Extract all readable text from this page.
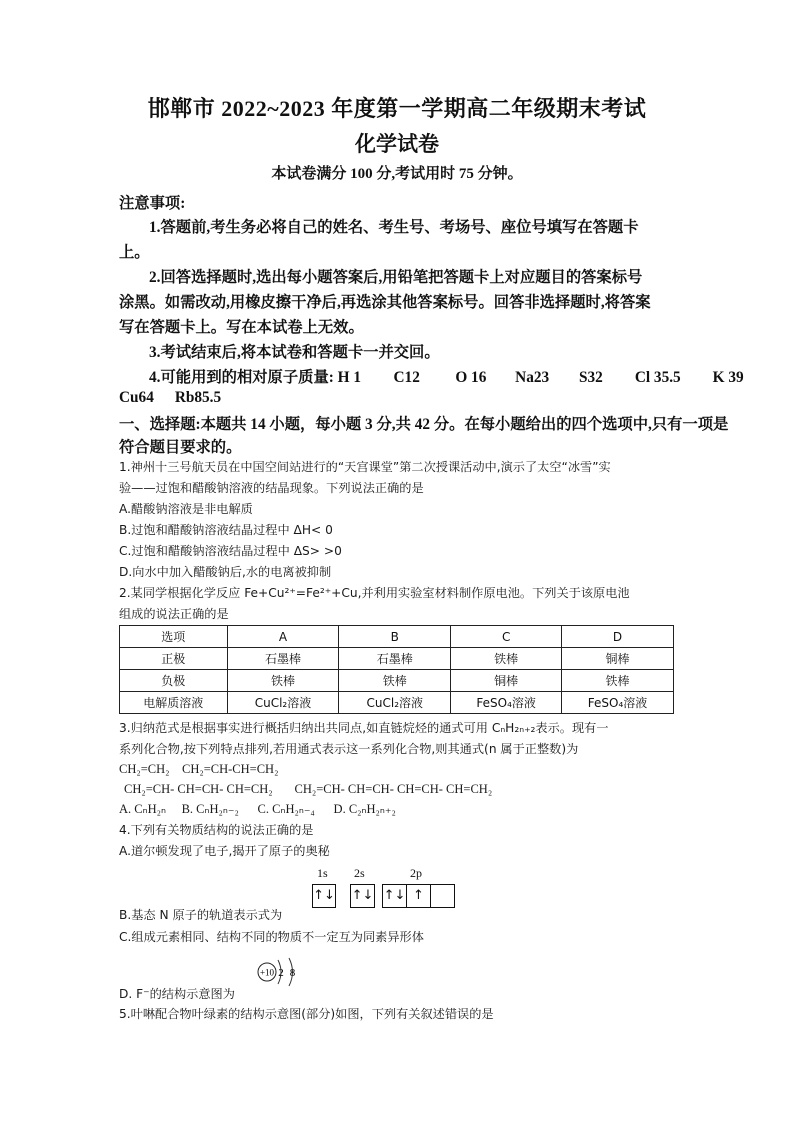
邯郸市 2022~2023 年度第一学期高二年级期末考试
化学试卷
本试卷满分 100 分,考试用时 75 分钟。
注意事项:
1.答题前,考生务必将自己的姓名、考生号、考场号、座位号填写在答题卡
上。
2.回答选择题时,选出每小题答案后,用铅笔把答题卡上对应题目的答案标号
涂黑。如需改动,用橡皮擦干净后,再选涂其他答案标号。回答非选择题时,将答案
写在答题卡上。写在本试卷上无效。
3.考试结束后,将本试卷和答题卡一并交回。
4.可能用到的相对原子质量: H 1 C12 O 16 Na23 S32 Cl 35.5 K 39
Cu64 Rb85.5
一、选择题:本题共 14 小题，每小题 3 分,共 42 分。在每小题给出的四个选项中,只有一项是
符合题目要求的。
1.神州十三号航天员在中国空间站进行的“天宫课堂”第二次授课活动中,演示了太空“冰雪”实
验——过饱和醋酸钠溶液的结晶现象。下列说法正确的是
A.醋酸钠溶液是非电解质
B.过饱和醋酸钠溶液结晶过程中 ΔH< 0
C.过饱和醋酸钠溶液结晶过程中 ΔS> >0
D.向水中加入醋酸钠后,水的电离被抑制
2.某同学根据化学反应 Fe+Cu²⁺=Fe²⁺+Cu,并利用实验室材料制作原电池。下列关于该原电池
组成的说法正确的是
选项	A	B	C	D
正极	石墨棒	石墨棒	铁棒	铜棒
负极	铁棒	铁棒	铜棒	铁棒
电解质溶液	CuCl₂溶液	CuCl₂溶液	FeSO₄溶液	FeSO₄溶液
3.归纳范式是根据事实进行概括归纳出共同点,如直链烷烃的通式可用 CₙH₂ₙ₊₂表示。现有一
系列化合物,按下列特点排列,若用通式表示这一系列化合物,则其通式(n 属于正整数)为
CH₂=CH₂    CH₂=CH-CH=CH₂
CH₂=CH- CH=CH- CH=CH₂       CH₂=CH- CH=CH- CH=CH- CH=CH₂
A. CₙH₂ₙ     B. CₙH₂ₙ₋₂      C. CₙH₂ₙ₋₄      D. C₂ₙH₂ₙ₊₂
4.下列有关物质结构的说法正确的是
A.道尔顿发现了电子,揭开了原子的奥秘
1s 2s	2p
↑↓ ↑↓ ↑↓ ↑
B.基态 N 原子的轨道表示式为
C.组成元素相同、结构不同的物质不一定互为同素异形体
+10 2 8
D. F⁻的结构示意图为
5.叶啉配合物叶绿素的结构示意图(部分)如图，下列有关叙述错误的是
